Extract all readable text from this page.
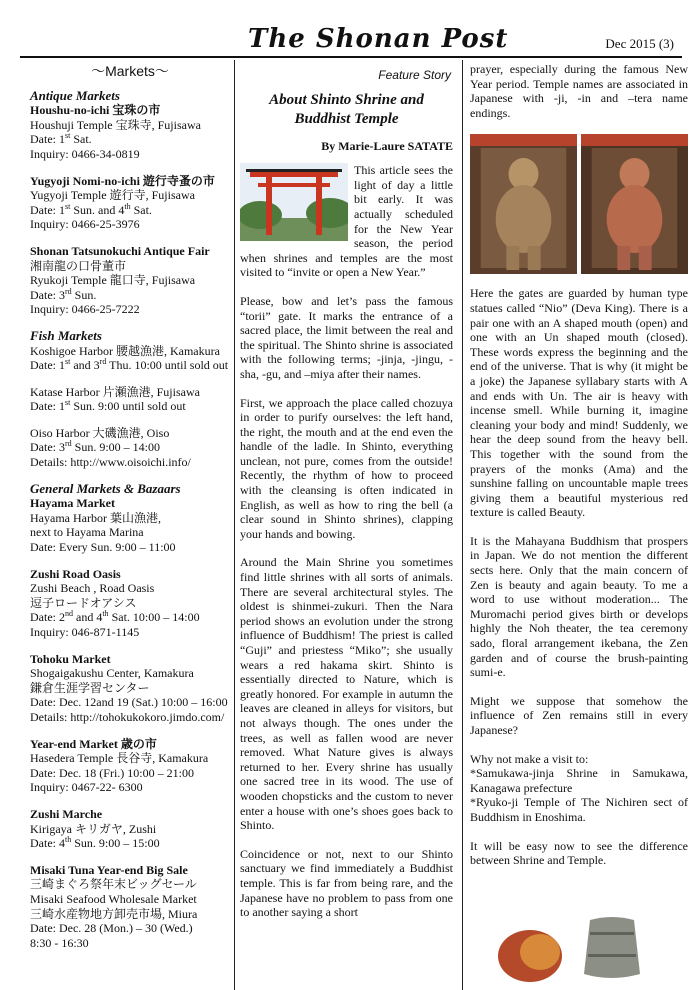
The Shonan Post	Dec 2015 (3)
～Markets～
Antique Markets
Houshu-no-ichi 宝珠の市
Houshuji Temple 宝珠寺, Fujisawa
Date: 1st Sat.
Inquiry: 0466-34-0819
Yugyoji Nomi-no-ichi 遊行寺蚤の市
Yugyoji Temple 遊行寺, Fujisawa
Date: 1st Sun. and 4th Sat.
Inquiry: 0466-25-3976
Shonan Tatsunokuchi Antique Fair
湘南龍の口骨董市
Ryukoji Temple 龍口寺, Fujisawa
Date: 3rd Sun.
Inquiry: 0466-25-7222
Fish Markets
Koshigoe Harbor 腰越漁港, Kamakura
Date: 1st and 3rd Thu. 10:00 until sold out
Katase Harbor 片瀬漁港, Fujisawa
Date: 1st Sun. 9:00 until sold out
Oiso Harbor 大磯漁港, Oiso
Date: 3rd Sun. 9:00 – 14:00
Details: http://www.oisoichi.info/
General Markets & Bazaars
Hayama Market
Hayama Harbor 葉山漁港,
next to Hayama Marina
Date: Every Sun. 9:00 – 11:00
Zushi Road Oasis
Zushi Beach , Road Oasis
逗子ロードオアシス
Date: 2nd and 4th Sat. 10:00 – 14:00
Inquiry: 046-871-1145
Tohoku Market
Shogaigakushu Center, Kamakura
鎌倉生涯学習センター
Date: Dec. 12and 19 (Sat.) 10:00 – 16:00
Details: http://tohokukokoro.jimdo.com/
Year-end Market 歳の市
Hasedera Temple 長谷寺, Kamakura
Date: Dec. 18 (Fri.) 10:00 – 21:00
Inquiry: 0467-22- 6300
Zushi Marche
Kirigaya キリガヤ, Zushi
Date: 4th Sun. 9:00 – 15:00
Misaki Tuna Year-end Big Sale
三崎まぐろ祭年末ビッグセール
Misaki Seafood Wholesale Market
三崎水産物地方卸売市場, Miura
Date: Dec. 28 (Mon.) – 30 (Wed.)
8:30 - 16:30
Feature Story
About Shinto Shrine and Buddhist Temple
By Marie-Laure SATATE
This article sees the light of day a little bit early. It was actually scheduled for the New Year season, the period when shrines and temples are the most visited to “invite or open a New Year.”
Please, bow and let’s pass the famous “torii” gate. It marks the entrance of a sacred place, the limit between the real and the spiritual. The Shinto shrine is associated with the following terms; -jinja, -jingu, -sha, -gu, and –miya after their names.
First, we approach the place called chozuya in order to purify ourselves: the left hand, the right, the mouth and at the end even the handle of the ladle. In Shinto, everything unclean, not pure, comes from the outside! Recently, the rhythm of how to proceed with the cleansing is often indicated in English, as well as how to ring the bell (a clear sound in Shinto shrines), clapping your hands and bowing.
Around the Main Shrine you sometimes find little shrines with all sorts of animals. There are several architectural styles. The oldest is shinmei-zukuri. Then the Nara period shows an evolution under the strong influence of Buddhism! The priest is called “Guji” and priestess “Miko”; she usually wears a red hakama skirt. Shinto is essentially directed to Nature, which is greatly honored. For example in autumn the leaves are cleaned in alleys for visitors, but not always though. The ones under the trees, as well as fallen wood are never removed. What Nature gives is always returned to her. Every shrine has usually one sacred tree in its wood. The use of wooden chopsticks and the custom to never enter a house with one’s shoes goes back to Shinto.
Coincidence or not, next to our Shinto sanctuary we find immediately a Buddhist temple. This is far from being rare, and the Japanese have no problem to pass from one to another saying a short
prayer, especially during the famous New Year period. Temple names are associated in Japanese with -ji, -in and –tera name endings.
Here the gates are guarded by human type statues called “Nio” (Deva King). There is a pair one with an A shaped mouth (open) and one with an Un shaped mouth (closed). These words express the beginning and the end of the universe. That is why (it might be a joke) the Japanese syllabary starts with A and ends with Un. The air is heavy with incense smell. While burning it, imagine cleaning your body and mind! Suddenly, we hear the deep sound from the heavy bell. This together with the sound from the prayers of the monks (Ama) and the sunshine falling on uncountable maple trees giving them a beautiful mysterious red texture is called Beauty.
It is the Mahayana Buddhism that prospers in Japan. We do not mention the different sects here. Only that the main concern of Zen is beauty and again beauty. To me a word to use without moderation... The Muromachi period gives birth or develops highly the Noh theater, the tea ceremony sado, floral arrangement ikebana, the Zen garden and of course the brush-painting sumi-e.
Might we suppose that somehow the influence of Zen remains still in every Japanese?
Why not make a visit to:
*Samukawa-jinja Shrine in Samukawa, Kanagawa prefecture
*Ryuko-ji Temple of The Nichiren sect of Buddhism in Enoshima.
It will be easy now to see the difference between Shrine and Temple.
